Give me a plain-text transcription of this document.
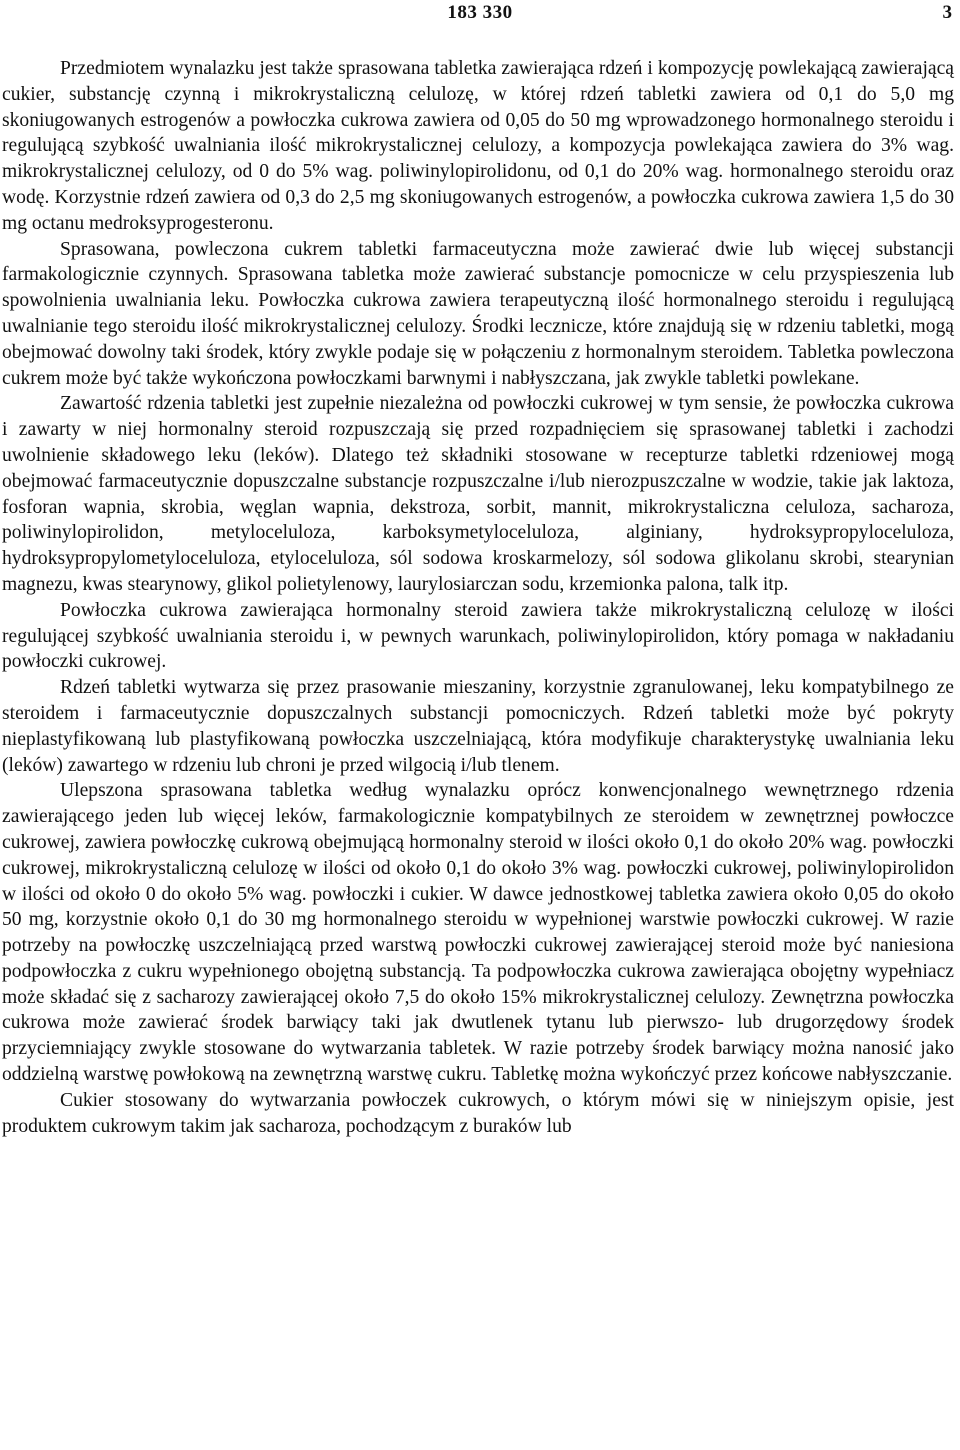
183 330	3

Przedmiotem wynalazku jest także sprasowana tabletka zawierająca rdzeń i kompozycję powlekającą zawierającą cukier, substancję czynną i mikrokrystaliczną celulozę, w której rdzeń tabletki zawiera od 0,1 do 5,0 mg skoniugowanych estrogenów a powłoczka cukrowa zawiera od 0,05 do 50 mg wprowadzonego hormonalnego steroidu i regulującą szybkość uwalniania ilość mikrokrystalicznej celulozy, a kompozycja powlekająca zawiera do 3% wag. mikrokrystalicznej celulozy, od 0 do 5% wag. poliwinylopirolidonu, od 0,1 do 20% wag. hormonalnego steroidu oraz wodę. Korzystnie rdzeń zawiera od 0,3 do 2,5 mg skoniugowanych estrogenów, a powłoczka cukrowa zawiera 1,5 do 30 mg octanu medroksyprogesteronu.

Sprasowana, powleczona cukrem tabletki farmaceutyczna może zawierać dwie lub więcej substancji farmakologicznie czynnych. Sprasowana tabletka może zawierać substancje pomocnicze w celu przyspieszenia lub spowolnienia uwalniania leku. Powłoczka cukrowa zawiera terapeutyczną ilość hormonalnego steroidu i regulującą uwalnianie tego steroidu ilość mikrokrystalicznej celulozy. Środki lecznicze, które znajdują się w rdzeniu tabletki, mogą obejmować dowolny taki środek, który zwykle podaje się w połączeniu z hormonalnym steroidem. Tabletka powleczona cukrem może być także wykończona powłoczkami barwnymi i nabłyszczana, jak zwykle tabletki powlekane.

Zawartość rdzenia tabletki jest zupełnie niezależna od powłoczki cukrowej w tym sensie, że powłoczka cukrowa i zawarty w niej hormonalny steroid rozpuszczają się przed rozpadnięciem się sprasowanej tabletki i zachodzi uwolnienie składowego leku (leków). Dlatego też składniki stosowane w recepturze tabletki rdzeniowej mogą obejmować farmaceutycznie dopuszczalne substancje rozpuszczalne i/lub nierozpuszczalne w wodzie, takie jak laktoza, fosforan wapnia, skrobia, węglan wapnia, dekstroza, sorbit, mannit, mikrokrystaliczna celuloza, sacharoza, poliwinylopirolidon, metyloceluloza, karboksymetyloceluloza, alginiany, hydroksypropyloceluloza, hydroksypropylometyloceluloza, etyloceluloza, sól sodowa kroskarmelozy, sól sodowa glikolanu skrobi, stearynian magnezu, kwas stearynowy, glikol polietylenowy, laurylosiarczan sodu, krzemionka palona, talk itp.

Powłoczka cukrowa zawierająca hormonalny steroid zawiera także mikrokrystaliczną celulozę w ilości regulującej szybkość uwalniania steroidu i, w pewnych warunkach, poliwinylopirolidon, który pomaga w nakładaniu powłoczki cukrowej.

Rdzeń tabletki wytwarza się przez prasowanie mieszaniny, korzystnie zgranulowanej, leku kompatybilnego ze steroidem i farmaceutycznie dopuszczalnych substancji pomocniczych. Rdzeń tabletki może być pokryty nieplastyfikowaną lub plastyfikowaną powłoczka uszczelniającą, która modyfikuje charakterystykę uwalniania leku (leków) zawartego w rdzeniu lub chroni je przed wilgocią i/lub tlenem.

Ulepszona sprasowana tabletka według wynalazku oprócz konwencjonalnego wewnętrznego rdzenia zawierającego jeden lub więcej leków, farmakologicznie kompatybilnych ze steroidem w zewnętrznej powłoczce cukrowej, zawiera powłoczkę cukrową obejmującą hormonalny steroid w ilości około 0,1 do około 20% wag. powłoczki cukrowej, mikrokrystaliczną celulozę w ilości od około 0,1 do około 3% wag. powłoczki cukrowej, poliwinylopirolidon w ilości od około 0 do około 5% wag. powłoczki i cukier. W dawce jednostkowej tabletka zawiera około 0,05 do około 50 mg, korzystnie około 0,1 do 30 mg hormonalnego steroidu w wypełnionej warstwie powłoczki cukrowej. W razie potrzeby na powłoczkę uszczelniającą przed warstwą powłoczki cukrowej zawierającej steroid może być naniesiona podpowłoczka z cukru wypełnionego obojętną substancją. Ta podpowłoczka cukrowa zawierająca obojętny wypełniacz może składać się z sacharozy zawierającej około 7,5 do około 15% mikrokrystalicznej celulozy. Zewnętrzna powłoczka cukrowa może zawierać środek barwiący taki jak dwutlenek tytanu lub pierwszo- lub drugorzędowy środek przyciemniający zwykle stosowane do wytwarzania tabletek. W razie potrzeby środek barwiący można nanosić jako oddzielną warstwę powłokową na zewnętrzną warstwę cukru. Tabletkę można wykończyć przez końcowe nabłyszczanie.

Cukier stosowany do wytwarzania powłoczek cukrowych, o którym mówi się w niniejszym opisie, jest produktem cukrowym takim jak sacharoza, pochodzącym z buraków lub
